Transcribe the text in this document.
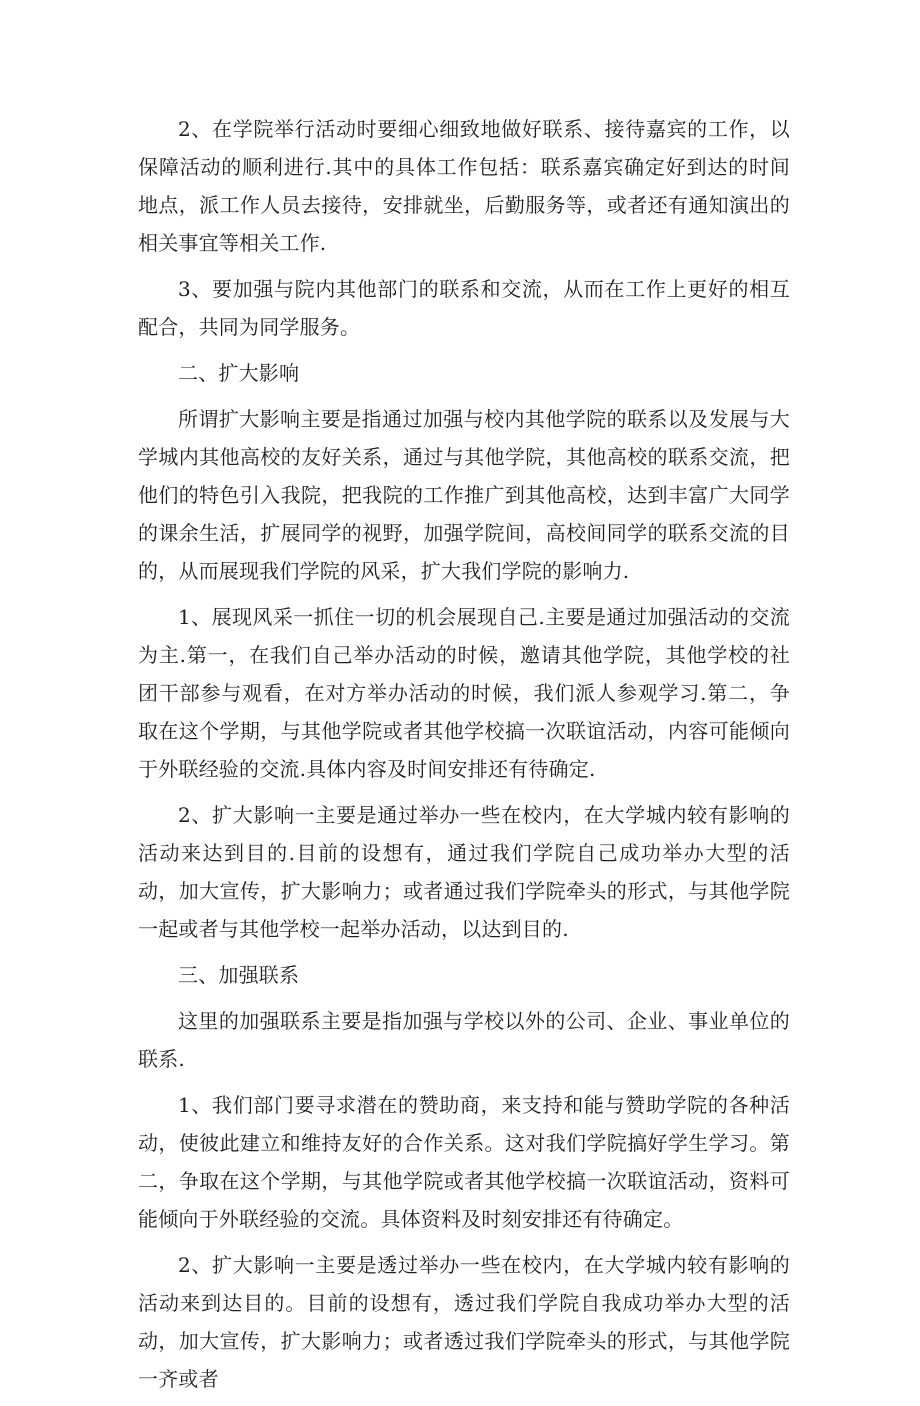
2、在学院举行活动时要细心细致地做好联系、接待嘉宾的工作，以保障活动的顺利进行.其中的具体工作包括：联系嘉宾确定好到达的时间地点，派工作人员去接待，安排就坐，后勤服务等，或者还有通知演出的相关事宜等相关工作.

3、要加强与院内其他部门的联系和交流，从而在工作上更好的相互配合，共同为同学服务。

二、扩大影响

所谓扩大影响主要是指通过加强与校内其他学院的联系以及发展与大学城内其他高校的友好关系，通过与其他学院，其他高校的联系交流，把他们的特色引入我院，把我院的工作推广到其他高校，达到丰富广大同学的课余生活，扩展同学的视野，加强学院间，高校间同学的联系交流的目的，从而展现我们学院的风采，扩大我们学院的影响力.

1、展现风采一抓住一切的机会展现自己.主要是通过加强活动的交流为主.第一，在我们自己举办活动的时候，邀请其他学院，其他学校的社团干部参与观看，在对方举办活动的时候，我们派人参观学习.第二，争取在这个学期，与其他学院或者其他学校搞一次联谊活动，内容可能倾向于外联经验的交流.具体内容及时间安排还有待确定.

2、扩大影响一主要是通过举办一些在校内，在大学城内较有影响的活动来达到目的.目前的设想有，通过我们学院自己成功举办大型的活动，加大宣传，扩大影响力；或者通过我们学院牵头的形式，与其他学院一起或者与其他学校一起举办活动，以达到目的.

三、加强联系

这里的加强联系主要是指加强与学校以外的公司、企业、事业单位的联系.

1、我们部门要寻求潜在的赞助商，来支持和能与赞助学院的各种活动，使彼此建立和维持友好的合作关系。这对我们学院搞好学生学习。第二，争取在这个学期，与其他学院或者其他学校搞一次联谊活动，资料可能倾向于外联经验的交流。具体资料及时刻安排还有待确定。

2、扩大影响一主要是透过举办一些在校内，在大学城内较有影响的活动来到达目的。目前的设想有，透过我们学院自我成功举办大型的活动，加大宣传，扩大影响力；或者透过我们学院牵头的形式，与其他学院一齐或者
